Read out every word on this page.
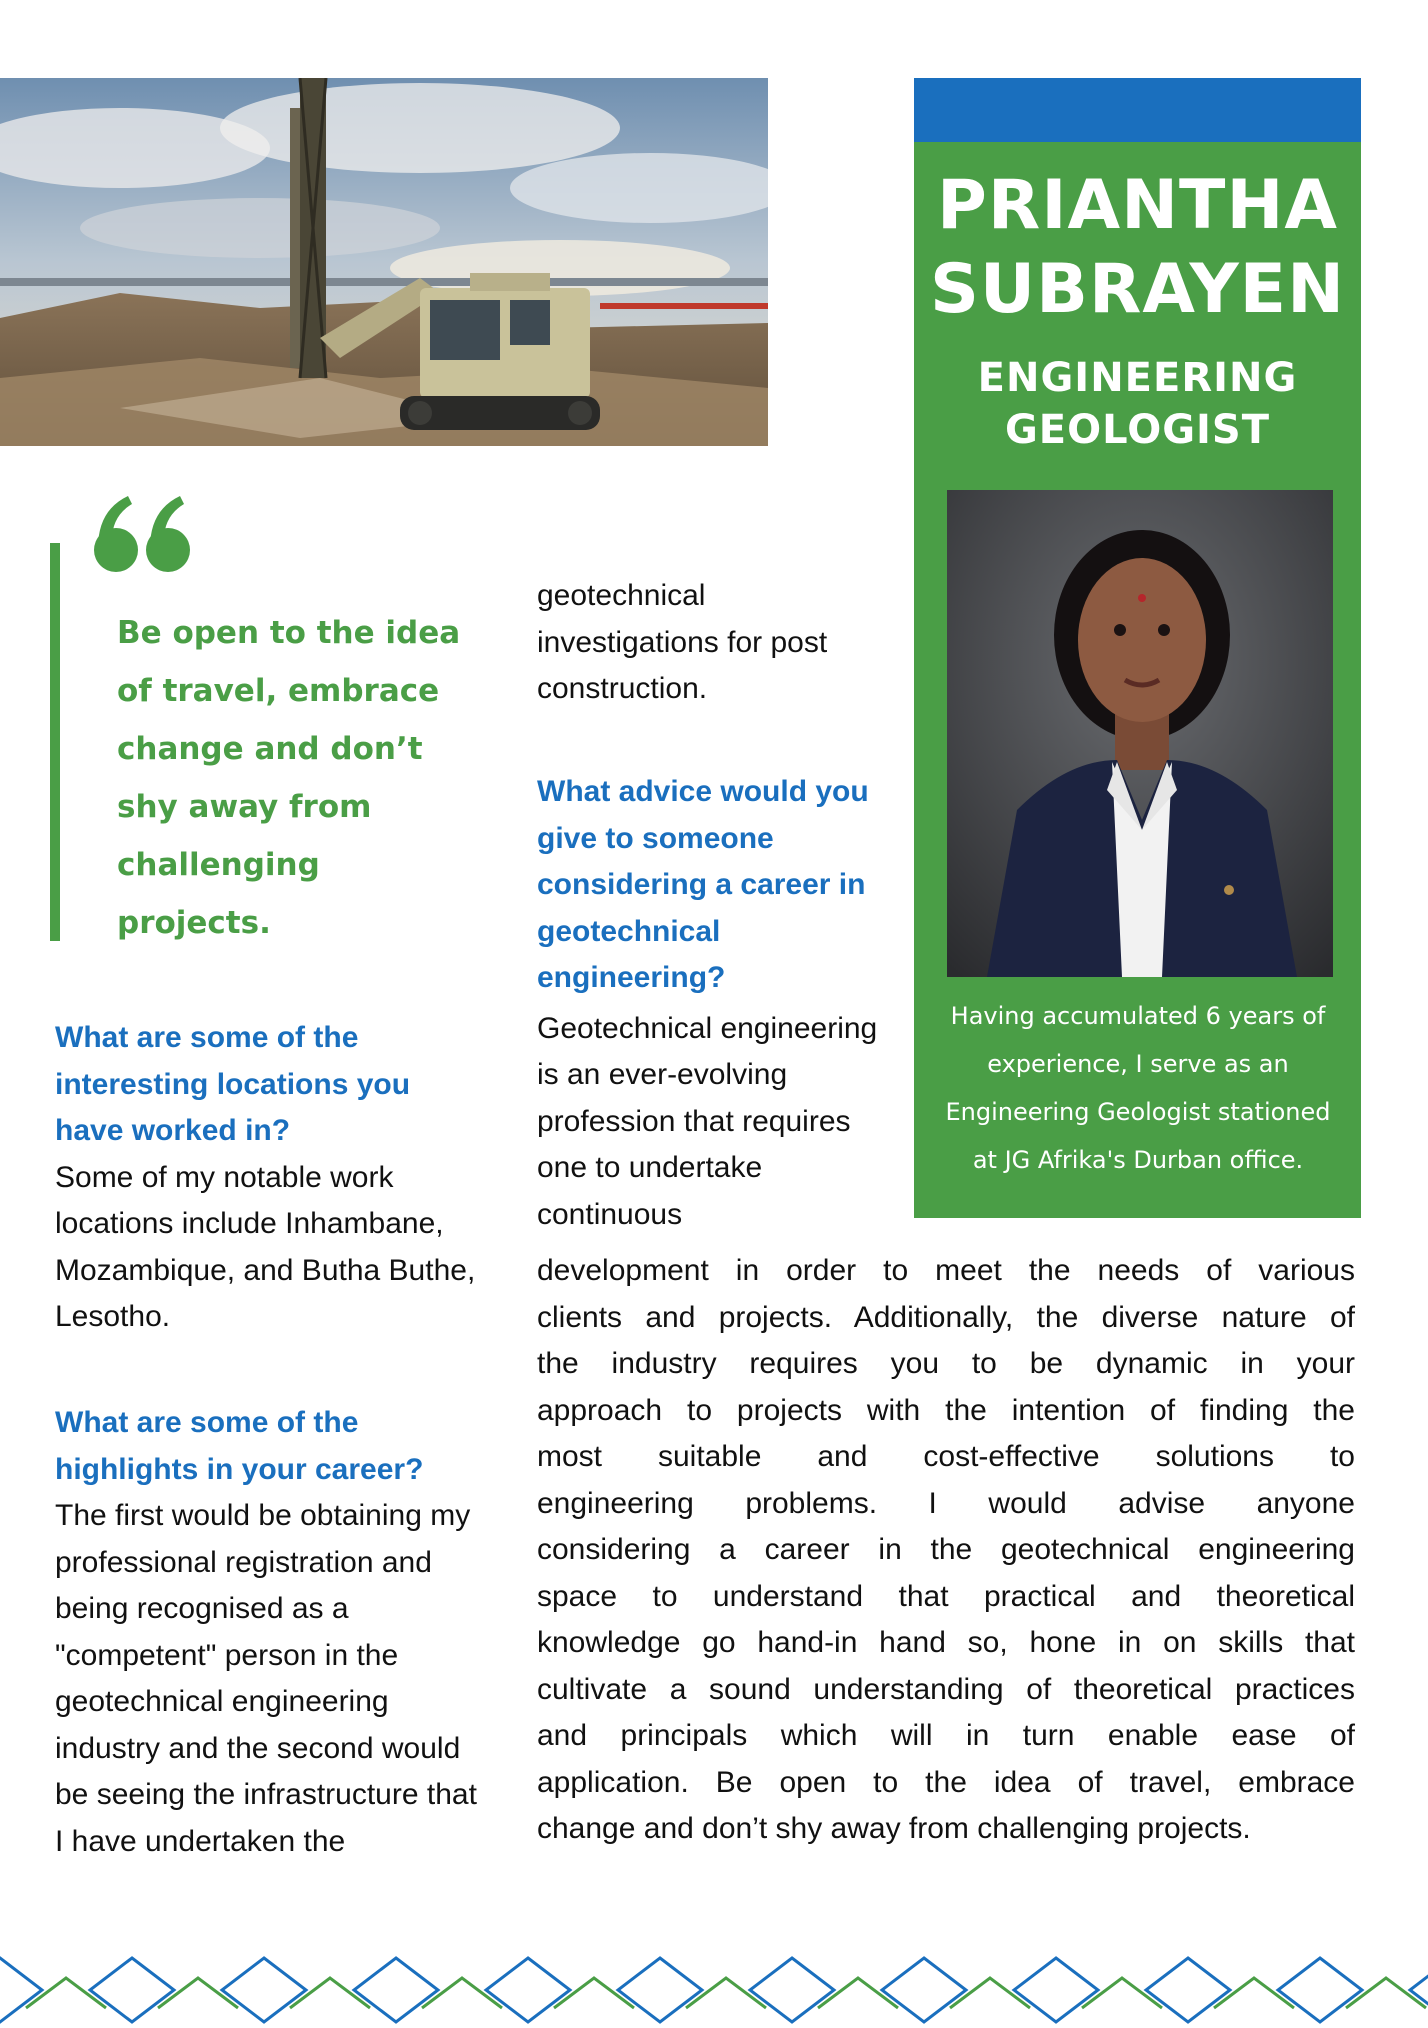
PRIANTHA
SUBRAYEN
ENGINEERING
GEOLOGIST
Having accumulated 6 years of experience, I serve as an Engineering Geologist stationed at JG Afrika's Durban office.
Be open to the idea of travel, embrace change and don’t shy away from challenging projects.
What are some of the interesting locations you have worked in?
Some of my notable work locations include Inhambane, Mozambique, and Butha Buthe, Lesotho.
What are some of the highlights in your career?
The first would be obtaining my professional registration and being recognised as a "competent" person in the geotechnical engineering industry and the second would be seeing the infrastructure that I have undertaken the
geotechnical investigations for post construction.
What advice would you give to someone considering a career in geotechnical engineering?
Geotechnical engineering is an ever-evolving profession that requires one to undertake continuous
development in order to meet the needs of various
clients and projects. Additionally, the diverse nature of
the industry requires you to be dynamic in your
approach to projects with the intention of finding the
most suitable and cost-effective solutions to
engineering problems. I would advise anyone
considering a career in the geotechnical engineering
space to understand that practical and theoretical
knowledge go hand-in hand so, hone in on skills that
cultivate a sound understanding of theoretical practices
and principals which will in turn enable ease of
application. Be open to the idea of travel, embrace
change and don’t shy away from challenging projects.
